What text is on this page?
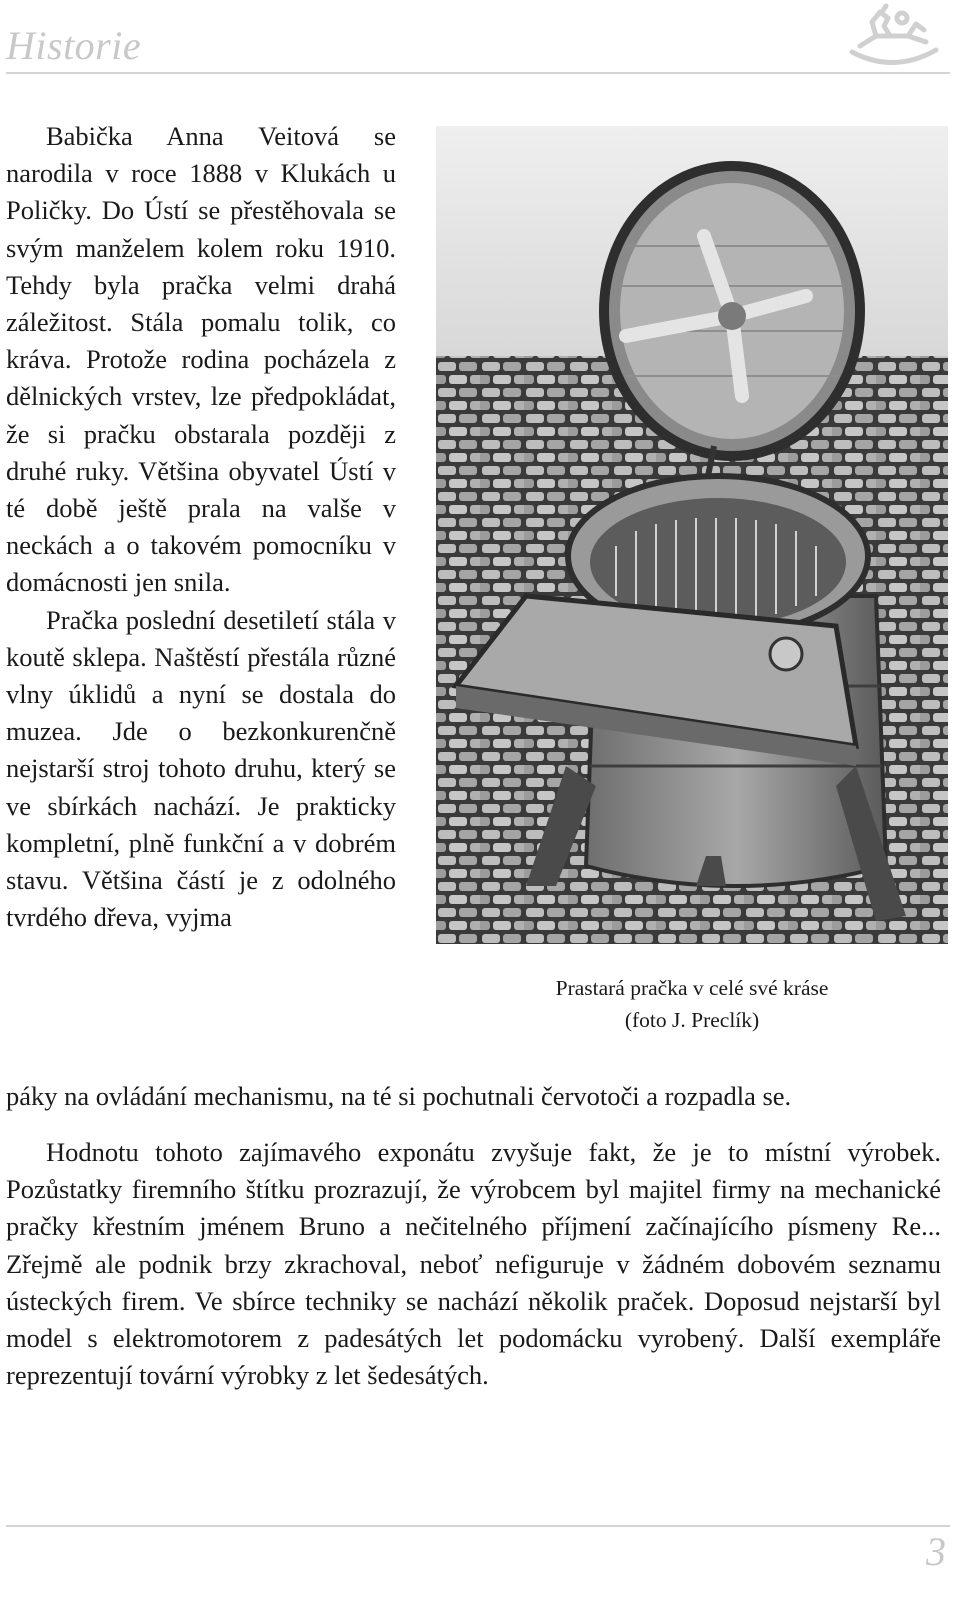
Historie

Babička Anna Veitová se narodila v roce 1888 v Klukách u Poličky. Do Ústí se přestěhovala se svým manželem kolem roku 1910. Tehdy byla pračka velmi drahá záležitost. Stála pomalu tolik, co kráva. Protože rodina pocházela z dělnických vrstev, lze předpokládat, že si pračku obstarala později z druhé ruky. Většina obyvatel Ústí v té době ještě prala na valše v neckách a o takovém pomocníku v domácnosti jen snila.

Pračka poslední desetiletí stála v koutě sklepa. Naštěstí přestála různé vlny úklidů a nyní se dostala do muzea. Jde o bezkonkurenčně nejstarší stroj tohoto druhu, který se ve sbírkách nachází. Je prakticky kompletní, plně funkční a v dobrém stavu. Většina částí je z odolného tvrdého dřeva, vyjma

Prastará pračka v celé své kráse
(foto J. Preclík)
páky na ovládání mechanismu, na té si pochutnali červotoči a rozpadla se.

Hodnotu tohoto zajímavého exponátu zvyšuje fakt, že je to místní výrobek. Pozůstatky firemního štítku prozrazují, že výrobcem byl majitel firmy na mechanické pračky křestním jménem Bruno a nečitelného příjmení začínajícího písmeny Re... Zřejmě ale podnik brzy zkrachoval, neboť nefiguruje v žádném dobovém seznamu ústeckých firem. Ve sbírce techniky se nachází několik praček. Doposud nejstarší byl model s elektromotorem z padesátých let podomácku vyrobený. Další exempláře reprezentují tovární výrobky z let šedesátých.

3
